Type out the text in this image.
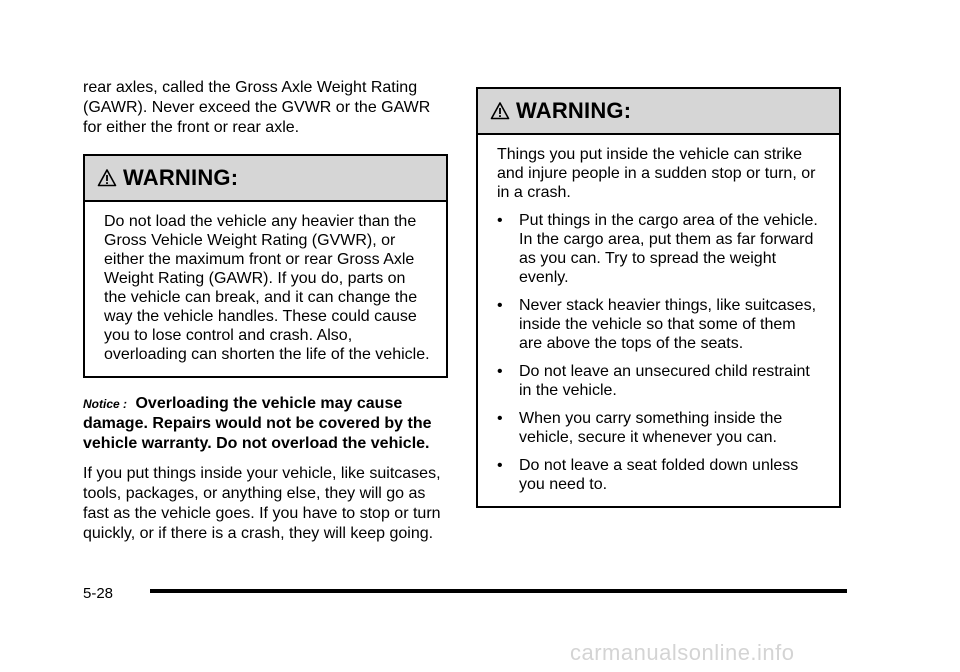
rear axles, called the Gross Axle Weight Rating (GAWR). Never exceed the GVWR or the GAWR for either the front or rear axle.

WARNING:

Do not load the vehicle any heavier than the Gross Vehicle Weight Rating (GVWR), or either the maximum front or rear Gross Axle Weight Rating (GAWR). If you do, parts on the vehicle can break, and it can change the way the vehicle handles. These could cause you to lose control and crash. Also, overloading can shorten the life of the vehicle.

Notice : Overloading the vehicle may cause damage. Repairs would not be covered by the vehicle warranty. Do not overload the vehicle.

If you put things inside your vehicle, like suitcases, tools, packages, or anything else, they will go as fast as the vehicle goes. If you have to stop or turn quickly, or if there is a crash, they will keep going.

WARNING:

Things you put inside the vehicle can strike and injure people in a sudden stop or turn, or in a crash.

• Put things in the cargo area of the vehicle. In the cargo area, put them as far forward as you can. Try to spread the weight evenly.
• Never stack heavier things, like suitcases, inside the vehicle so that some of them are above the tops of the seats.
• Do not leave an unsecured child restraint in the vehicle.
• When you carry something inside the vehicle, secure it whenever you can.
• Do not leave a seat folded down unless you need to.
5-28
carmanualsonline.info
